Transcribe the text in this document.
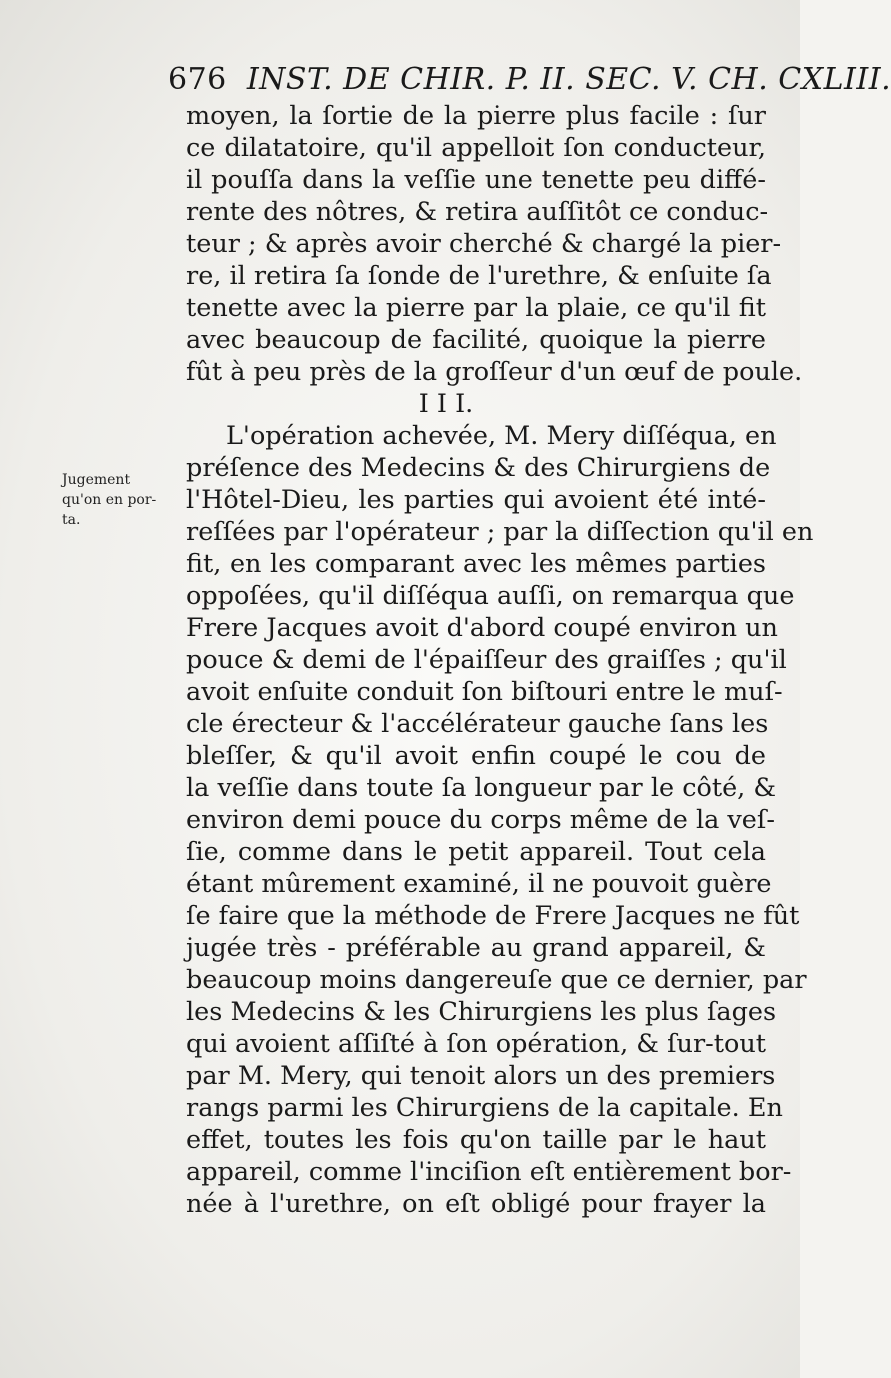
676 INST. DE CHIR. P. II. SEC. V. CH. CXLIII.
Jugement
qu'on en por-
ta.
moyen, la ſortie de la pierre plus facile : ſur
ce dilatatoire, qu'il appelloit ſon conducteur,
il pouſſa dans la veſſie une tenette peu diffé-
rente des nôtres, & retira auſſitôt ce conduc-
teur ; & après avoir cherché & chargé la pier-
re, il retira ſa ſonde de l'urethre, & enſuite ſa
tenette avec la pierre par la plaie, ce qu'il fit
avec beaucoup de facilité, quoique la pierre
fût à peu près de la groſſeur d'un œuf de poule.
I I I.
L'opération achevée, M. Mery diſſéqua, en
préſence des Medecins & des Chirurgiens de
l'Hôtel-Dieu, les parties qui avoient été inté-
reſſées par l'opérateur ; par la diſſection qu'il en
fit, en les comparant avec les mêmes parties
oppoſées, qu'il diſſéqua auſſi, on remarqua que
Frere Jacques avoit d'abord coupé environ un
pouce & demi de l'épaiſſeur des graiſſes ; qu'il
avoit enſuite conduit ſon biſtouri entre le muſ-
cle érecteur & l'accélérateur gauche ſans les
bleſſer, & qu'il avoit enfin coupé le cou de
la veſſie dans toute ſa longueur par le côté, &
environ demi pouce du corps même de la veſ-
ſie, comme dans le petit appareil. Tout cela
étant mûrement examiné, il ne pouvoit guère
ſe faire que la méthode de Frere Jacques ne fût
jugée très - préférable au grand appareil, &
beaucoup moins dangereuſe que ce dernier, par
les Medecins & les Chirurgiens les plus ſages
qui avoient aſſiſté à ſon opération, & ſur-tout
par M. Mery, qui tenoit alors un des premiers
rangs parmi les Chirurgiens de la capitale. En
effet, toutes les fois qu'on taille par le haut
appareil, comme l'inciſion eſt entièrement bor-
née à l'urethre, on eſt obligé pour frayer la
